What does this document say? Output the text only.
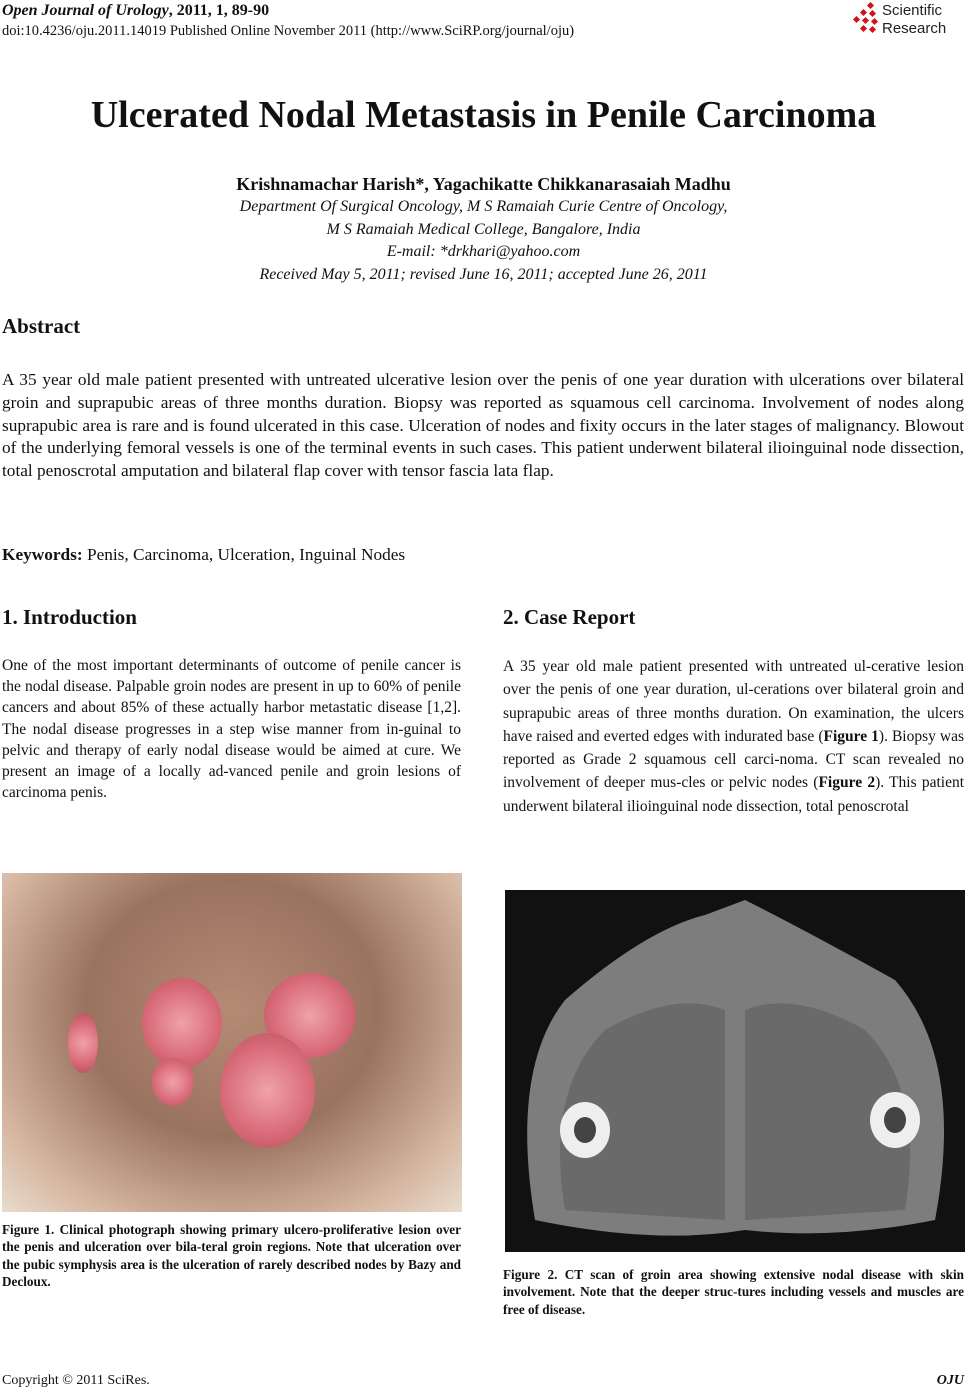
Open Journal of Urology, 2011, 1, 89-90
doi:10.4236/oju.2011.14019 Published Online November 2011 (http://www.SciRP.org/journal/oju)
Scientific
Research
Ulcerated Nodal Metastasis in Penile Carcinoma
Krishnamachar Harish*, Yagachikatte Chikkanarasaiah Madhu
Department Of Surgical Oncology, M S Ramaiah Curie Centre of Oncology,
M S Ramaiah Medical College, Bangalore, India
E-mail: *drkhari@yahoo.com
Received May 5, 2011; revised June 16, 2011; accepted June 26, 2011
Abstract
A 35 year old male patient presented with untreated ulcerative lesion over the penis of one year duration with ulcerations over bilateral groin and suprapubic areas of three months duration. Biopsy was reported as squamous cell carcinoma. Involvement of nodes along suprapubic area is rare and is found ulcerated in this case. Ulceration of nodes and fixity occurs in the later stages of malignancy. Blowout of the underlying femoral vessels is one of the terminal events in such cases. This patient underwent bilateral ilioinguinal node dissection, total penoscrotal amputation and bilateral flap cover with tensor fascia lata flap.
Keywords: Penis, Carcinoma, Ulceration, Inguinal Nodes
1. Introduction	2. Case Report
One of the most important determinants of outcome of penile cancer is the nodal disease. Palpable groin nodes are present in up to 60% of penile cancers and about 85% of these actually harbor metastatic disease [1,2]. The nodal disease progresses in a step wise manner from in-guinal to pelvic and therapy of early nodal disease would be aimed at cure. We present an image of a locally ad-vanced penile and groin lesions of carcinoma penis.
A 35 year old male patient presented with untreated ul-cerative lesion over the penis of one year duration, ul-cerations over bilateral groin and suprapubic areas of three months duration. On examination, the ulcers have raised and everted edges with indurated base (Figure 1). Biopsy was reported as Grade 2 squamous cell carci-noma. CT scan revealed no involvement of deeper mus-cles or pelvic nodes (Figure 2). This patient underwent bilateral ilioinguinal node dissection, total penoscrotal
Figure 1. Clinical photograph showing primary ulcero-proliferative lesion over the penis and ulceration over bila-teral groin regions. Note that ulceration over the pubic symphysis area is the ulceration of rarely described nodes by Bazy and Decloux.	Figure 2. CT scan of groin area showing extensive nodal disease with skin involvement. Note that the deeper struc-tures including vessels and muscles are free of disease.
Copyright © 2011 SciRes.	OJU
